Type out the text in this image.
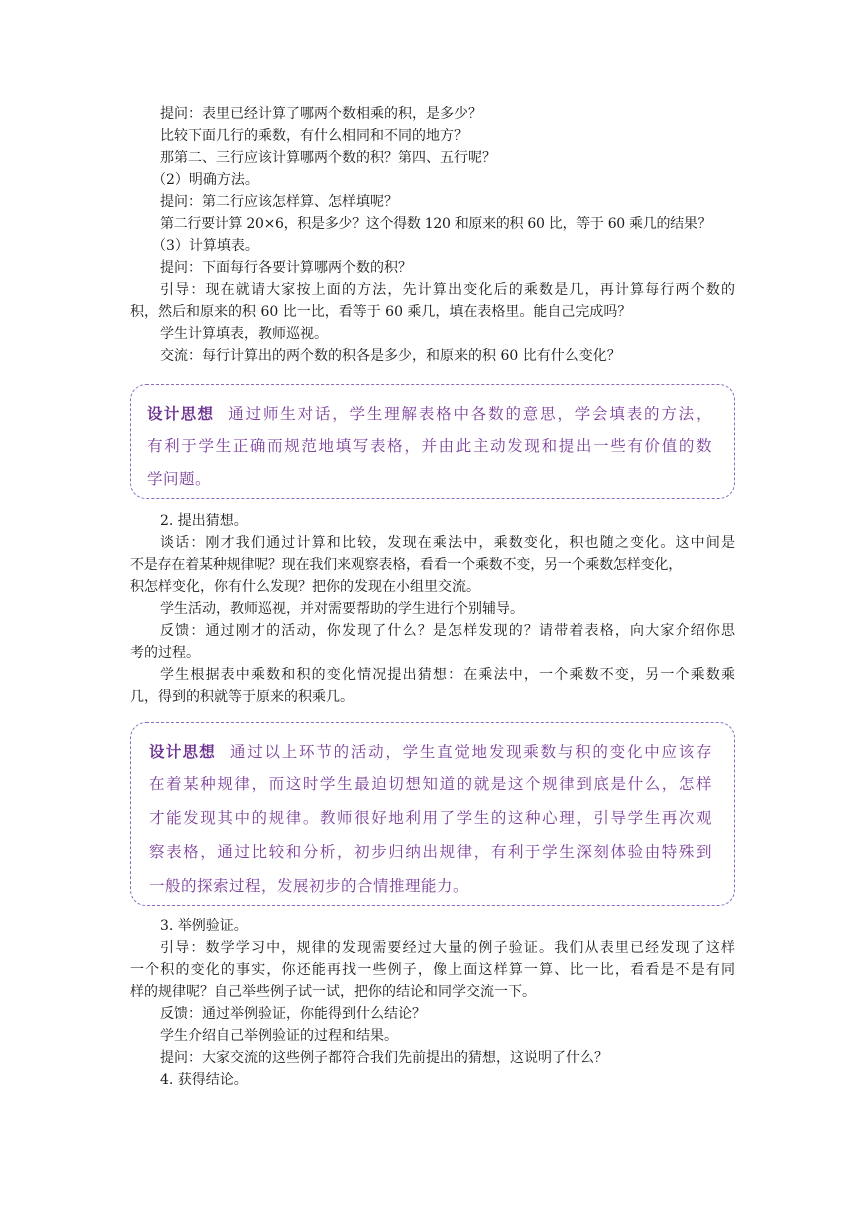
提问：表里已经计算了哪两个数相乘的积，是多少？
比较下面几行的乘数，有什么相同和不同的地方？
那第二、三行应该计算哪两个数的积？第四、五行呢？
（2）明确方法。
提问：第二行应该怎样算、怎样填呢？
第二行要计算 20×6，积是多少？这个得数 120 和原来的积 60 比，等于 60 乘几的结果？
（3）计算填表。
提问：下面每行各要计算哪两个数的积？
引导：现在就请大家按上面的方法，先计算出变化后的乘数是几，再计算每行两个数的
积，然后和原来的积 60 比一比，看等于 60 乘几，填在表格里。能自己完成吗？
学生计算填表，教师巡视。
交流：每行计算出的两个数的积各是多少，和原来的积 60 比有什么变化？
设计思想 通过师生对话，学生理解表格中各数的意思，学会填表的方法，
有利于学生正确而规范地填写表格，并由此主动发现和提出一些有价值的数
学问题。
2. 提出猜想。
谈话：刚才我们通过计算和比较，发现在乘法中，乘数变化，积也随之变化。这中间是
不是存在着某种规律呢？现在我们来观察表格，看看一个乘数不变，另一个乘数怎样变化，
积怎样变化，你有什么发现？把你的发现在小组里交流。
学生活动，教师巡视，并对需要帮助的学生进行个别辅导。
反馈：通过刚才的活动，你发现了什么？是怎样发现的？请带着表格，向大家介绍你思
考的过程。
学生根据表中乘数和积的变化情况提出猜想：在乘法中，一个乘数不变，另一个乘数乘
几，得到的积就等于原来的积乘几。
设计思想 通过以上环节的活动，学生直觉地发现乘数与积的变化中应该存
在着某种规律，而这时学生最迫切想知道的就是这个规律到底是什么，怎样
才能发现其中的规律。教师很好地利用了学生的这种心理，引导学生再次观
察表格，通过比较和分析，初步归纳出规律，有利于学生深刻体验由特殊到
一般的探索过程，发展初步的合情推理能力。
3. 举例验证。
引导：数学学习中，规律的发现需要经过大量的例子验证。我们从表里已经发现了这样
一个积的变化的事实，你还能再找一些例子，像上面这样算一算、比一比，看看是不是有同
样的规律呢？自己举些例子试一试，把你的结论和同学交流一下。
反馈：通过举例验证，你能得到什么结论？
学生介绍自己举例验证的过程和结果。
提问：大家交流的这些例子都符合我们先前提出的猜想，这说明了什么？
4. 获得结论。
